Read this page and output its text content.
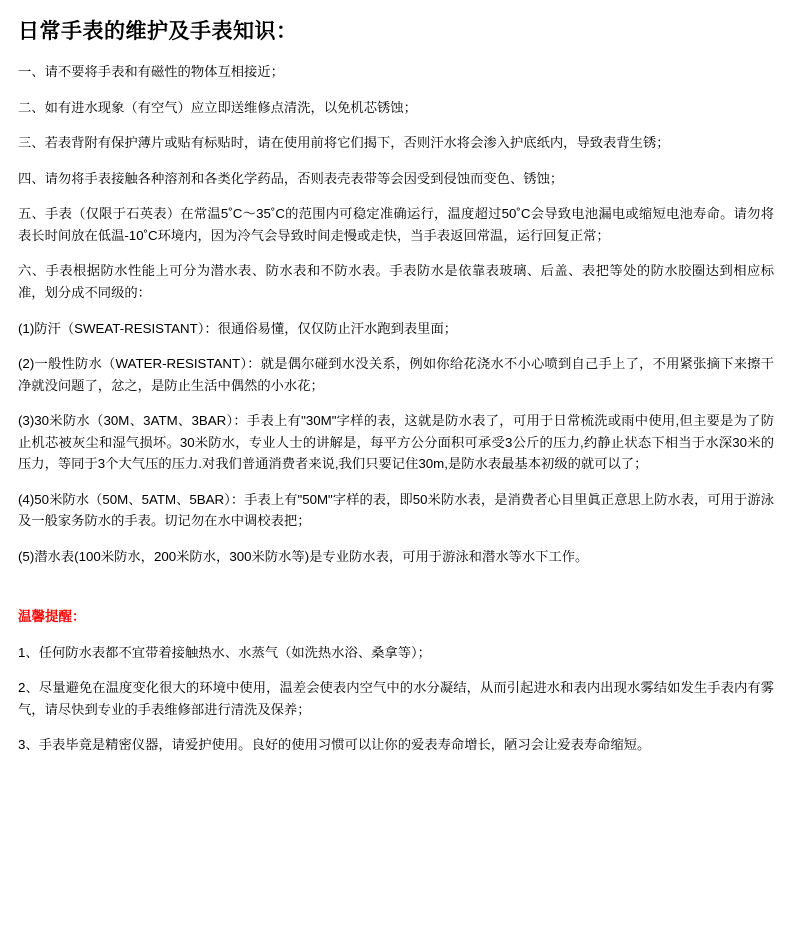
日常手表的维护及手表知识：

一、请不要将手表和有磁性的物体互相接近；

二、如有进水现象（有空气）应立即送维修点清洗，以免机芯锈蚀；

三、若表背附有保护薄片或贴有标贴时，请在使用前将它们揭下，否则汗水将会渗入护底纸内，导致表背生锈；

四、请勿将手表接触各种溶剂和各类化学药品，否则表壳表带等会因受到侵蚀而变色、锈蚀；

五、手表（仅限于石英表）在常温5˚C～35˚C的范围内可稳定准确运行，温度超过50˚C会导致电池漏电或缩短电池寿命。请勿将表长时间放在低温-10˚C环境内，因为冷气会导致时间走慢或走快，当手表返回常温，运行回复正常；

六、手表根据防水性能上可分为潜水表、防水表和不防水表。手表防水是依靠表玻璃、后盖、表把等处的防水胶圈达到相应标准，划分成不同级的：

(1)防汗（SWEAT-RESISTANT）：很通俗易懂，仅仅防止汗水跑到表里面；

(2)一般性防水（WATER-RESISTANT）：就是偶尔碰到水没关系，例如你给花浇水不小心喷到自己手上了，不用紧张摘下来擦干净就没问题了，忿之，是防止生活中偶然的小水花；

(3)30米防水（30M、3ATM、3BAR）：手表上有"30M"字样的表，这就是防水表了，可用于日常梳洗或雨中使用,但主要是为了防止机芯被灰尘和湿气损坏。30米防水，专业人士的讲解是，每平方公分面积可承受3公斤的压力,约静止状态下相当于水深30米的压力，等同于3个大气压的压力.对我们普通消费者来说,我们只要记住30m,是防水表最基本初级的就可以了；

(4)50米防水（50M、5ATM、5BAR）：手表上有"50M"字样的表，即50米防水表，是消费者心目里眞正意思上防水表，可用于游泳及一般家务防水的手表。切记勿在水中调校表把；

(5)潜水表(100米防水，200米防水，300米防水等)是专业防水表，可用于游泳和潜水等水下工作。

温馨提醒：

1、任何防水表都不宜带着接触热水、水蒸气（如洗热水浴、桑拿等）；

2、尽量避免在温度变化很大的环境中使用，温差会使表内空气中的水分凝结，从而引起进水和表内出现水雾结如发生手表内有雾气，请尽快到专业的手表维修部进行清洗及保养；

3、手表毕竟是精密仪器，请爱护使用。良好的使用习惯可以让你的爱表寿命增长，陋习会让爱表寿命缩短。
